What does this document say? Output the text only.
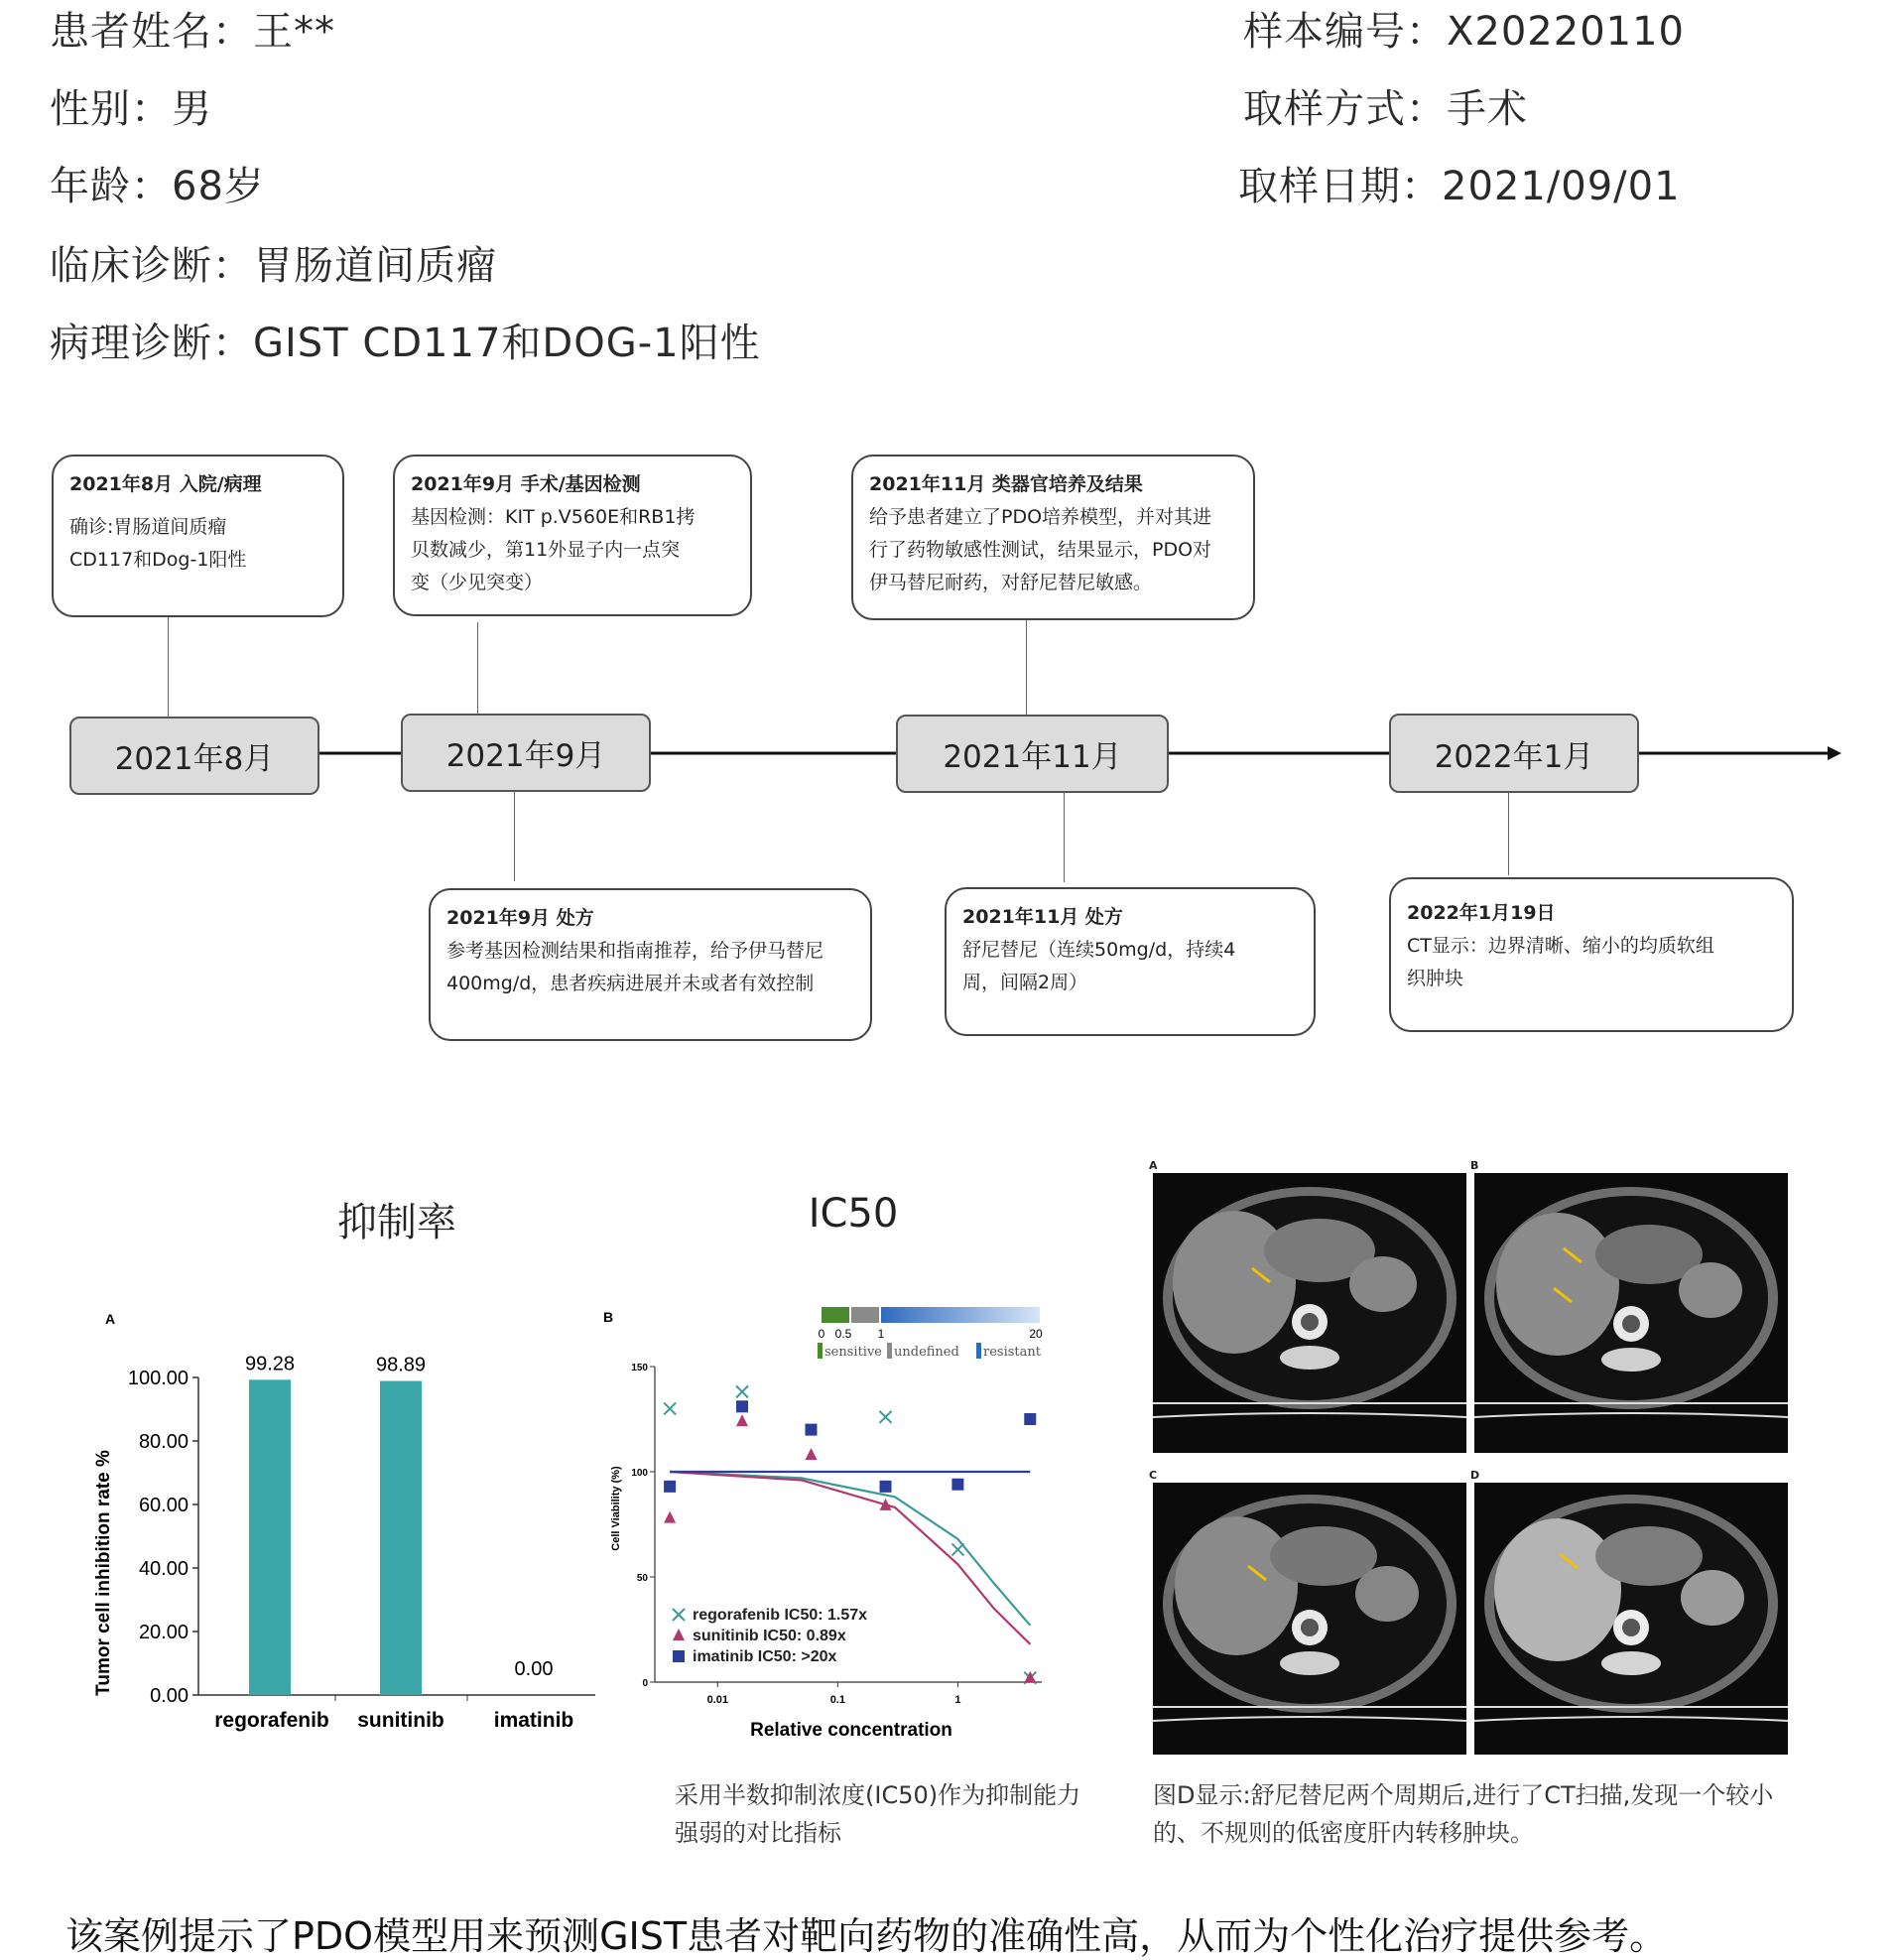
患者姓名：王**
性别：男
年龄：68岁
临床诊断：胃肠道间质瘤
病理诊断：GIST CD117和DOG-1阳性
样本编号：X20220110
取样方式：手术
取样日期：2021/09/01
2021年8月	2021年9月	2021年11月	2022年1月
2021年8月 入院/病理
确诊:胃肠道间质瘤
CD117和Dog-1阳性
2021年9月 手术/基因检测
基因检测：KIT p.V560E和RB1拷
贝数减少，第11外显子内一点突
变（少见突变）
2021年11月 类器官培养及结果
给予患者建立了PDO培养模型，并对其进
行了药物敏感性测试，结果显示，PDO对
伊马替尼耐药，对舒尼替尼敏感。
2021年9月 处方
参考基因检测结果和指南推荐，给予伊马替尼
400mg/d，患者疾病进展并未或者有效控制
2021年11月 处方
舒尼替尼（连续50mg/d，持续4
周，间隔2周）
2022年1月19日
CT显示：边界清晰、缩小的均质软组
织肿块
抑制率	IC50
A
Tumor cell inhibition rate %
0.00
20.00
40.00
60.00
80.00
100.00
99.28
regorafenib
98.89
sunitinib
0.00
imatinib
B
0 0.5 1	20
sensitive undefined resistant
Cell Viability (%)
Relative concentration
0
50
100
150
0.01	0.1	1
regorafenib IC50: 1.57x
sunitinib IC50: 0.89x
imatinib IC50: >20x
A	B
C	D
采用半数抑制浓度(IC50)作为抑制能力
强弱的对比指标
图D显示:舒尼替尼两个周期后,进行了CT扫描,发现一个较小
的、不规则的低密度肝内转移肿块。
该案例提示了PDO模型用来预测GIST患者对靶向药物的准确性高，从而为个性化治疗提供参考。
